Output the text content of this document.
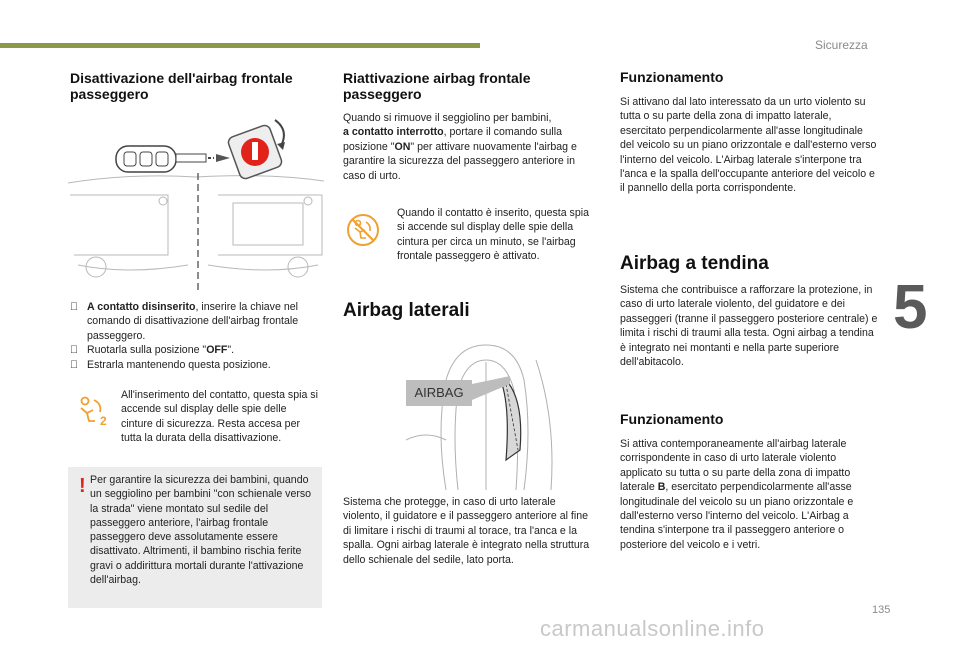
Sicurezza
5
135
carmanualsonline.info
Disattivazione dell'airbag frontale passeggero
A contatto disinserito, inserire la chiave nel comando di disattivazione dell'airbag frontale passeggero.
Ruotarla sulla posizione "OFF".
Estrarla mantenendo questa posizione.
2

All'inserimento del contatto, questa spia si accende sul display delle spie delle cinture di sicurezza. Resta accesa per tutta la durata della disattivazione.

! Per garantire la sicurezza dei bambini, quando un seggiolino per bambini "con schienale verso la strada" viene montato sul sedile del passeggero anteriore, l'airbag frontale passeggero deve assolutamente essere disattivato. Altrimenti, il bambino rischia ferite gravi o addirittura mortali durante l'attivazione dell'airbag.

Riattivazione airbag frontale passeggero

Quando si rimuove il seggiolino per bambini,
a contatto interrotto, portare il comando sulla posizione "ON" per attivare nuovamente l'airbag e garantire la sicurezza del passeggero anteriore in caso di urto.

Quando il contatto è inserito, questa spia si accende sul display delle spie della cintura per circa un minuto, se l'airbag frontale passeggero è attivato.

Airbag laterali
AIRBAG

Sistema che protegge, in caso di urto laterale violento, il guidatore e il passeggero anteriore al fine di limitare i rischi di traumi al torace, tra l'anca e la spalla. Ogni airbag laterale è integrato nella struttura dello schienale del sedile, lato porta.

Funzionamento

Si attivano dal lato interessato da un urto violento su tutta o su parte della zona di impatto laterale, esercitato perpendicolarmente all'asse longitudinale del veicolo su un piano orizzontale e dall'esterno verso l'interno del veicolo. L'Airbag laterale s'interpone tra l'anca e la spalla dell'occupante anteriore del veicolo e il pannello della porta corrispondente.

Airbag a tendina

Sistema che contribuisce a rafforzare la protezione, in caso di urto laterale violento, del guidatore e dei passeggeri (tranne il passeggero posteriore centrale) e limita i rischi di traumi alla testa. Ogni airbag a tendina è integrato nei montanti e nella parte superiore dell'abitacolo.

Funzionamento

Si attiva contemporaneamente all'airbag laterale corrispondente in caso di urto laterale violento applicato su tutta o su parte della zona di impatto laterale B, esercitato perpendicolarmente all'asse longitudinale del veicolo su un piano orizzontale e dall'esterno verso l'interno del veicolo. L'Airbag a tendina s'interpone tra il passeggero anteriore o posteriore del veicolo e i vetri.
